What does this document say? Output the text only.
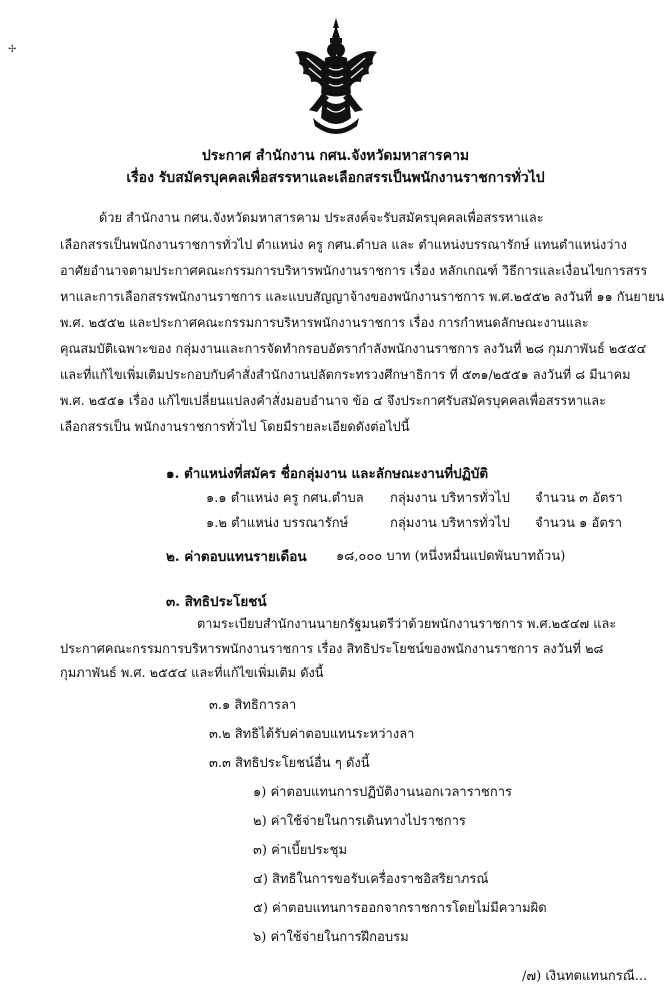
✢
ประกาศ สำนักงาน กศน.จังหวัดมหาสารคาม
เรื่อง รับสมัครบุคคลเพื่อสรรหาและเลือกสรรเป็นพนักงานราชการทั่วไป
ด้วย สำนักงาน กศน.จังหวัดมหาสารคาม ประสงค์จะรับสมัครบุคคลเพื่อสรรหาและ
เลือกสรรเป็นพนักงานราชการทั่วไป ตำแหน่ง ครู กศน.ตำบล และ ตำแหน่งบรรณารักษ์ แทนตำแหน่งว่าง
อาศัยอำนาจตามประกาศคณะกรรมการบริหารพนักงานราชการ เรื่อง หลักเกณฑ์ วิธีการและเงื่อนไขการสรร
หาและการเลือกสรรพนักงานราชการ และแบบสัญญาจ้างของพนักงานราชการ พ.ศ.๒๕๕๒ ลงวันที่ ๑๑ กันยายน
พ.ศ. ๒๕๕๒ และประกาศคณะกรรมการบริหารพนักงานราชการ เรื่อง การกำหนดลักษณะงานและ
คุณสมบัติเฉพาะของ กลุ่มงานและการจัดทำกรอบอัตรากำลังพนักงานราชการ ลงวันที่ ๒๘ กุมภาพันธ์ ๒๕๕๔
และที่แก้ไขเพิ่มเติมประกอบกับคำสั่งสำนักงานปลัดกระทรวงศึกษาธิการ ที่ ๕๓๑/๒๕๕๑ ลงวันที่ ๘ มีนาคม
พ.ศ. ๒๕๕๑ เรื่อง แก้ไขเปลี่ยนแปลงคำสั่งมอบอำนาจ ข้อ ๔ จึงประกาศรับสมัครบุคคลเพื่อสรรหาและ
เลือกสรรเป็น พนักงานราชการทั่วไป โดยมีรายละเอียดดังต่อไปนี้
๑. ตำแหน่งที่สมัคร ชื่อกลุ่มงาน และลักษณะงานที่ปฏิบัติ
๑.๑ ตำแหน่ง ครู กศน.ตำบล กลุ่มงาน บริหารทั่วไป จำนวน ๓ อัตรา
๑.๒ ตำแหน่ง บรรณารักษ์	กลุ่มงาน บริหารทั่วไป จำนวน ๑ อัตรา
๒. ค่าตอบแทนรายเดือน ๑๘,๐๐๐ บาท (หนึ่งหมื่นแปดพันบาทถ้วน)
๓. สิทธิประโยชน์
ตามระเบียบสำนักงานนายกรัฐมนตรีว่าด้วยพนักงานราชการ พ.ศ.๒๕๔๗ และ
ประกาศคณะกรรมการบริหารพนักงานราชการ เรื่อง สิทธิประโยชน์ของพนักงานราชการ ลงวันที่ ๒๘
กุมภาพันธ์ พ.ศ. ๒๕๕๔ และที่แก้ไขเพิ่มเติม ดังนี้
๓.๑ สิทธิการลา
๓.๒ สิทธิได้รับค่าตอบแทนระหว่างลา
๓.๓ สิทธิประโยชน์อื่น ๆ ดังนี้
๑) ค่าตอบแทนการปฏิบัติงานนอกเวลาราชการ
๒) ค่าใช้จ่ายในการเดินทางไปราชการ
๓) ค่าเบี้ยประชุม
๔) สิทธิในการขอรับเครื่องราชอิสริยาภรณ์
๕) ค่าตอบแทนการออกจากราชการโดยไม่มีความผิด
๖) ค่าใช้จ่ายในการฝึกอบรม
/๗) เงินทดแทนกรณี...
